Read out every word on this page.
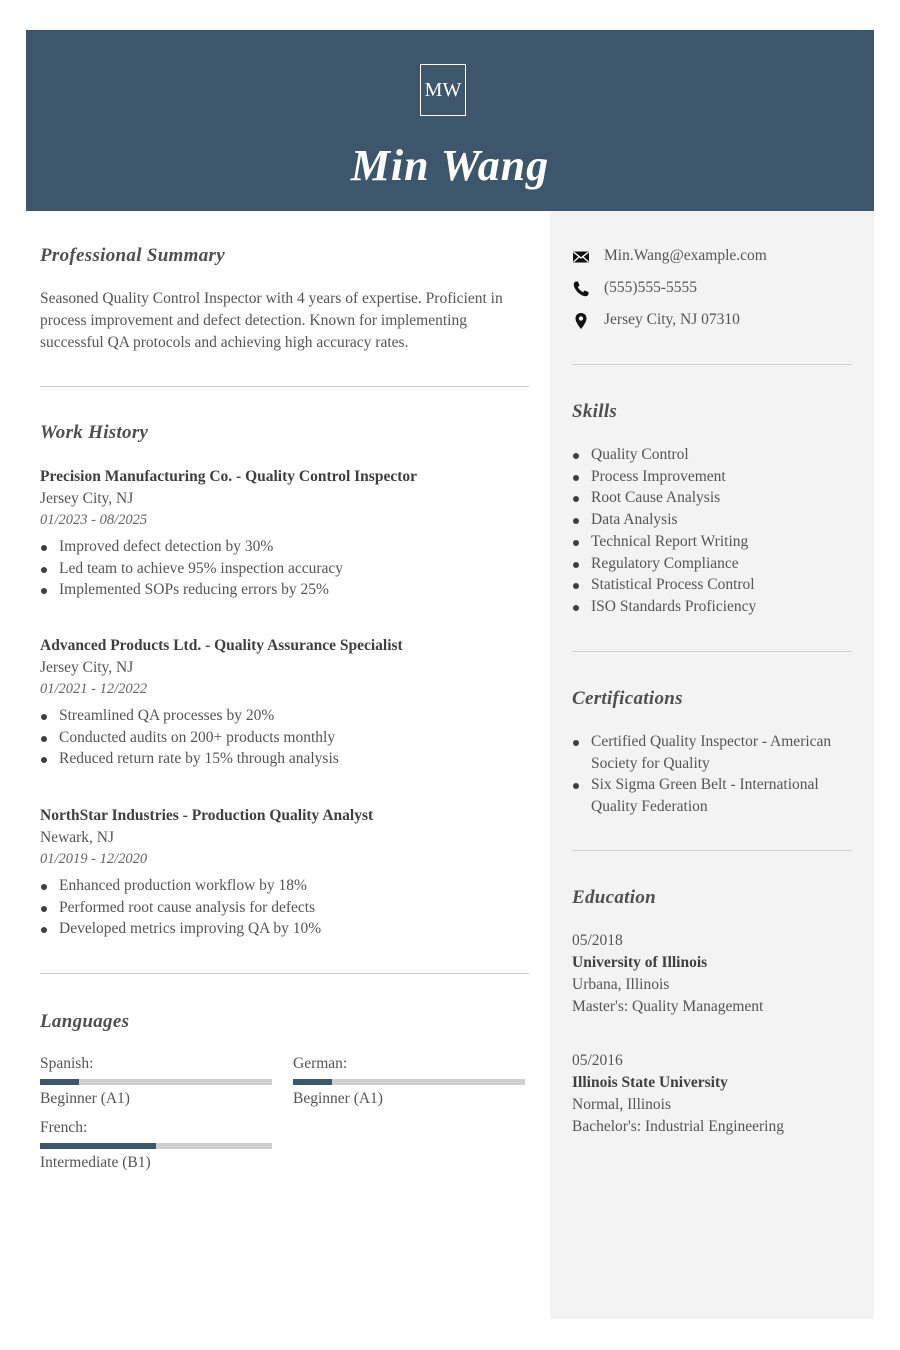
MW
Min Wang
Professional Summary
Seasoned Quality Control Inspector with 4 years of expertise. Proficient in process improvement and defect detection. Known for implementing successful QA protocols and achieving high accuracy rates.
Work History
Precision Manufacturing Co. - Quality Control Inspector
Jersey City, NJ
01/2023 - 08/2025
Improved defect detection by 30%
Led team to achieve 95% inspection accuracy
Implemented SOPs reducing errors by 25%
Advanced Products Ltd. - Quality Assurance Specialist
Jersey City, NJ
01/2021 - 12/2022
Streamlined QA processes by 20%
Conducted audits on 200+ products monthly
Reduced return rate by 15% through analysis
NorthStar Industries - Production Quality Analyst
Newark, NJ
01/2019 - 12/2020
Enhanced production workflow by 18%
Performed root cause analysis for defects
Developed metrics improving QA by 10%
Languages
Spanish:
Beginner (A1)
German:
Beginner (A1)
French:
Intermediate (B1)
Min.Wang@example.com
(555)555-5555
Jersey City, NJ 07310
Skills
Quality Control
Process Improvement
Root Cause Analysis
Data Analysis
Technical Report Writing
Regulatory Compliance
Statistical Process Control
ISO Standards Proficiency
Certifications
Certified Quality Inspector - American Society for Quality
Six Sigma Green Belt - International Quality Federation
Education
05/2018
University of Illinois
Urbana, Illinois
Master's: Quality Management
05/2016
Illinois State University
Normal, Illinois
Bachelor's: Industrial Engineering
